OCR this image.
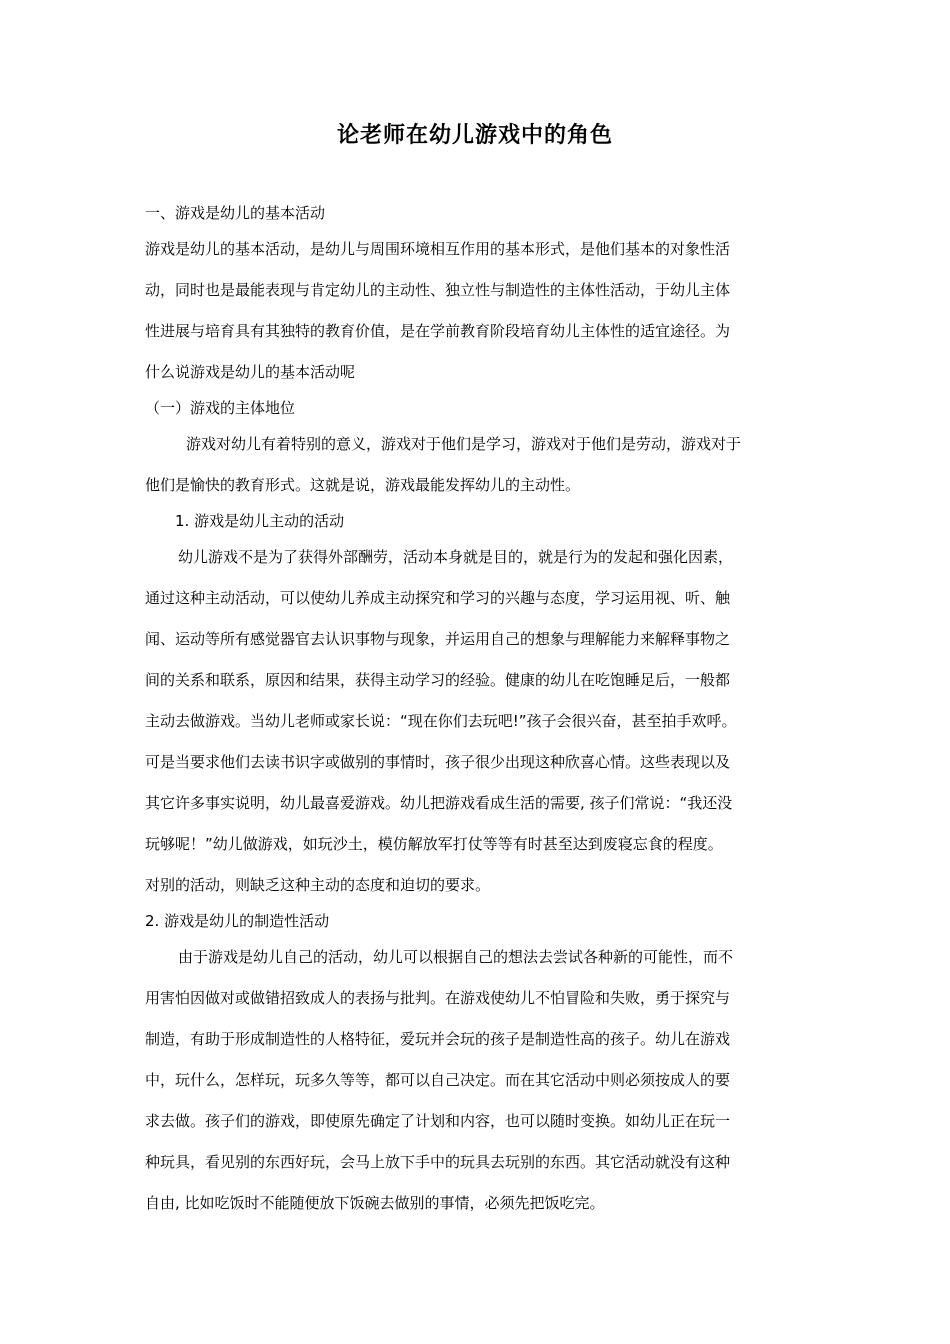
论老师在幼儿游戏中的角色
一、游戏是幼儿的基本活动
游戏是幼儿的基本活动，是幼儿与周围环境相互作用的基本形式，是他们基本的对象性活
动，同时也是最能表现与肯定幼儿的主动性、独立性与制造性的主体性活动，于幼儿主体
性进展与培育具有其独特的教育价值，是在学前教育阶段培育幼儿主体性的适宜途径。为
什么说游戏是幼儿的基本活动呢
（一）游戏的主体地位
游戏对幼儿有着特别的意义，游戏对于他们是学习，游戏对于他们是劳动，游戏对于
他们是愉快的教育形式。这就是说，游戏最能发挥幼儿的主动性。
1. 游戏是幼儿主动的活动
幼儿游戏不是为了获得外部酬劳，活动本身就是目的，就是行为的发起和强化因素，
通过这种主动活动，可以使幼儿养成主动探究和学习的兴趣与态度，学习运用视、听、触
闻、运动等所有感觉器官去认识事物与现象，并运用自己的想象与理解能力来解释事物之
间的关系和联系，原因和结果，获得主动学习的经验。健康的幼儿在吃饱睡足后，一般都
主动去做游戏。当幼儿老师或家长说：“现在你们去玩吧!”孩子会很兴奋，甚至拍手欢呼。
可是当要求他们去读书识字或做别的事情时，孩子很少出现这种欣喜心情。这些表现以及
其它许多事实说明，幼儿最喜爱游戏。幼儿把游戏看成生活的需要, 孩子们常说：“我还没
玩够呢！”幼儿做游戏，如玩沙土，模仿解放军打仗等等有时甚至达到废寝忘食的程度。
对别的活动，则缺乏这种主动的态度和迫切的要求。
2. 游戏是幼儿的制造性活动
由于游戏是幼儿自己的活动，幼儿可以根据自己的想法去尝试各种新的可能性，而不
用害怕因做对或做错招致成人的表扬与批判。在游戏使幼儿不怕冒险和失败，勇于探究与
制造，有助于形成制造性的人格特征，爱玩并会玩的孩子是制造性高的孩子。幼儿在游戏
中，玩什么，怎样玩，玩多久等等，都可以自己决定。而在其它活动中则必须按成人的要
求去做。孩子们的游戏，即使原先确定了计划和内容，也可以随时变换。如幼儿正在玩一
种玩具，看见别的东西好玩，会马上放下手中的玩具去玩别的东西。其它活动就没有这种
自由, 比如吃饭时不能随便放下饭碗去做别的事情，必须先把饭吃完。
